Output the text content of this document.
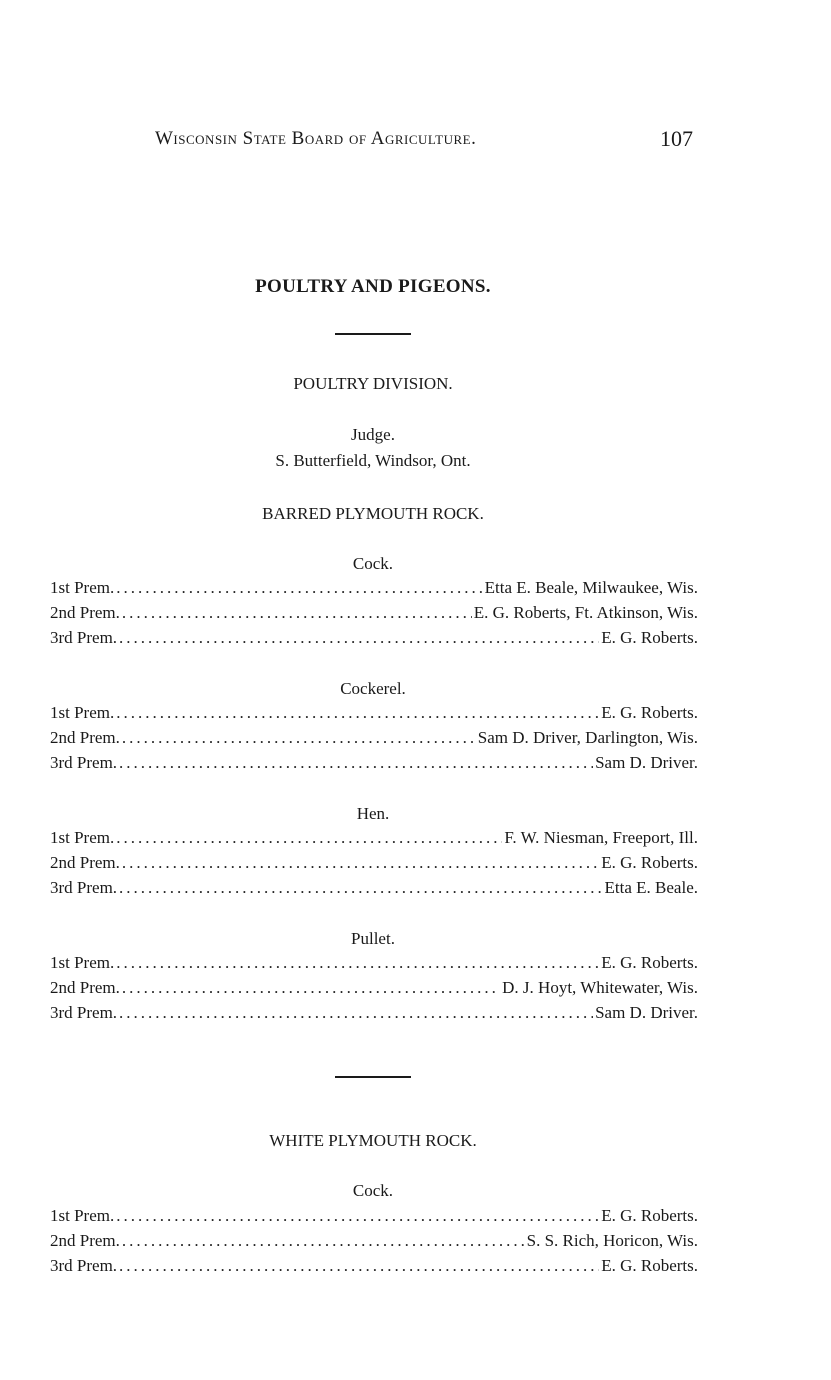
Wisconsin State Board of Agriculture.	107
POULTRY AND PIGEONS.
POULTRY DIVISION.
Judge.
S. Butterfield, Windsor, Ont.
BARRED PLYMOUTH ROCK.
Cock.
1st Prem. .....	Etta E. Beale, Milwaukee, Wis.
2nd Prem. .....	E. G. Roberts, Ft. Atkinson, Wis.
3rd Prem. .....	E. G. Roberts.
Cockerel.
1st Prem. .....	E. G. Roberts.
2nd Prem. .....	Sam D. Driver, Darlington, Wis.
3rd Prem. .....	Sam D. Driver.
Hen.
1st Prem. .....	F. W. Niesman, Freeport, Ill.
2nd Prem. .....	E. G. Roberts.
3rd Prem. .....	Etta E. Beale.
Pullet.
1st Prem. .....	E. G. Roberts.
2nd Prem. .....	D. J. Hoyt, Whitewater, Wis.
3rd Prem. .....	Sam D. Driver.
WHITE PLYMOUTH ROCK.
Cock.
1st Prem. .....	E. G. Roberts.
2nd Prem. .....	S. S. Rich, Horicon, Wis.
3rd Prem. .....	E. G. Roberts.
